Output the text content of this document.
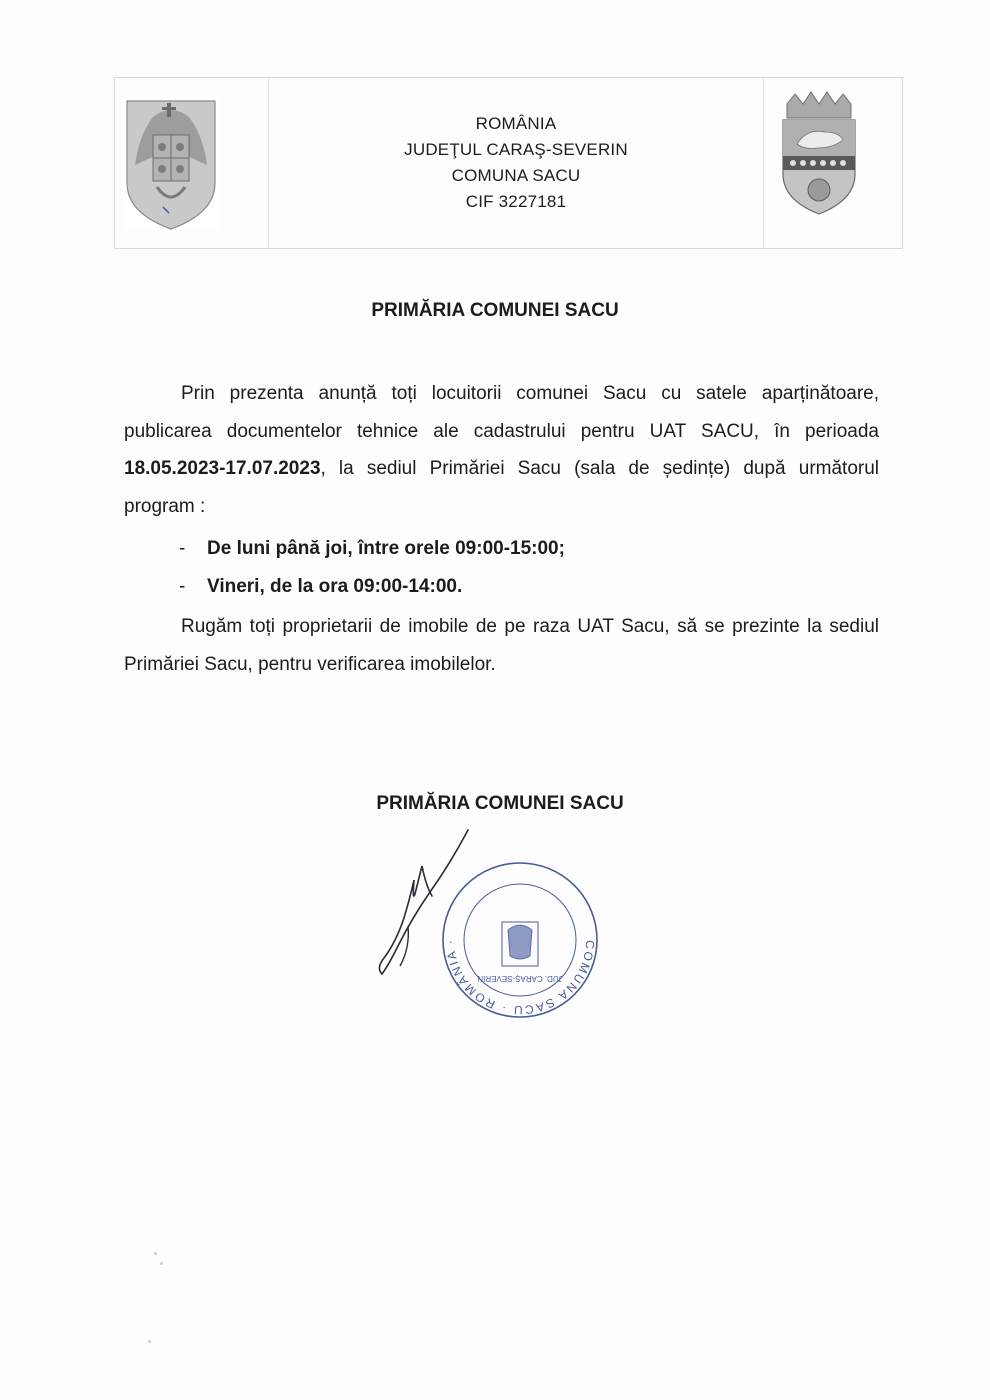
ROMÂNIA
JUDEŢUL CARAŞ-SEVERIN
COMUNA SACU
CIF 3227181
PRIMĂRIA COMUNEI SACU

Prin prezenta anunță toți locuitorii comunei Sacu cu satele aparținătoare, publicarea documentelor tehnice ale cadastrului pentru UAT SACU, în perioada 18.05.2023-17.07.2023, la sediul Primăriei Sacu (sala de ședințe) după următorul program :

- De luni până joi, între orele 09:00-15:00;
- Vineri, de la ora 09:00-14:00.

Rugăm toți proprietarii de imobile de pe raza UAT Sacu, să se prezinte la sediul Primăriei Sacu, pentru verificarea imobilelor.

PRIMĂRIA COMUNEI SACU
COMUNA SACU · ROMÂNIA ·
JUD. CARAȘ-SEVERIN
